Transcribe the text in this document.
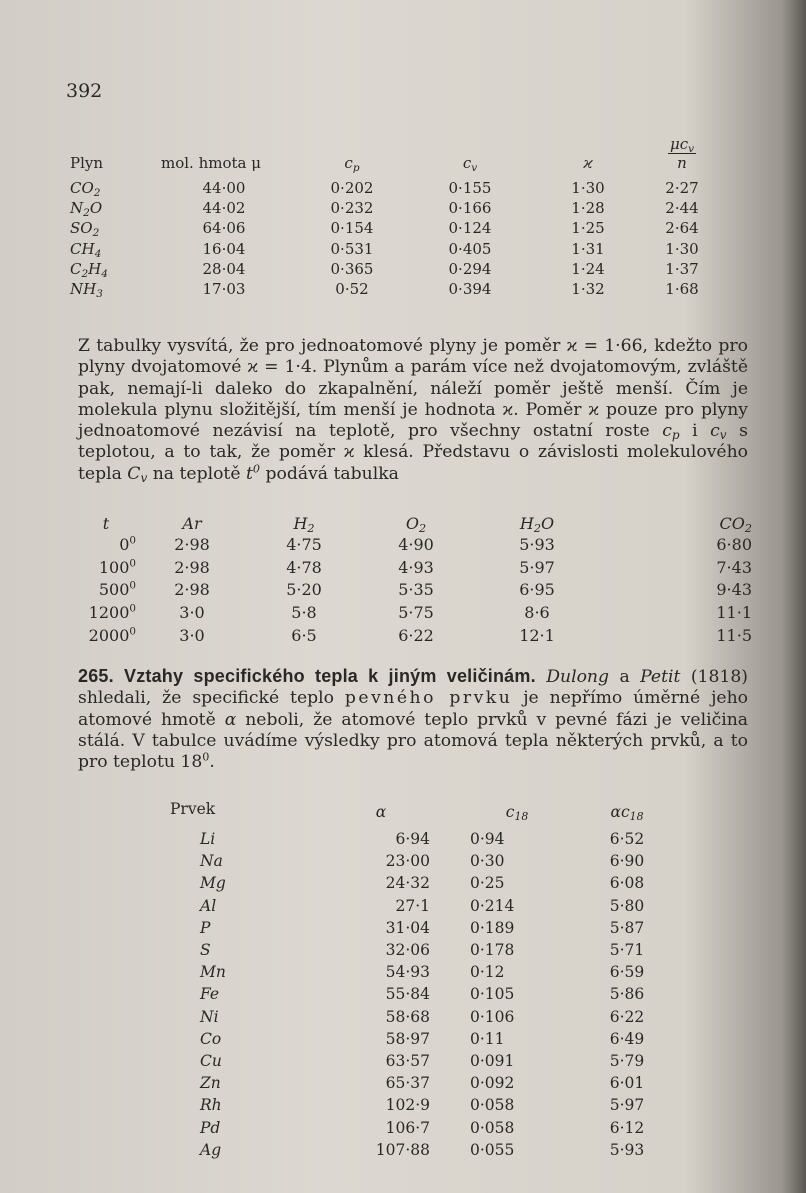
392
Plyn	mol. hmota μ	$c_p$	$c_v$	ϰ	$\frac{\mu c_v}{n}$

$CO_2$	44·00	0·202	0·155	1·30	2·27
$N_2O$	44·02	0·232	0·166	1·28	2·44
$SO_2$	64·06	0·154	0·124	1·25	2·64
$CH_4$	16·04	0·531	0·405	1·31	1·30
$C_2H_4$	28·04	0·365	0·294	1·24	1·37
$NH_3$	17·03	0·52	0·394	1·32	1·68
Z tabulky vysvítá, že pro jednoatomové plyny je poměr ϰ = 1·66, kdežto pro plyny dvojatomové ϰ = 1·4. Plynům a parám více než dvojatomovým, zvláště pak, nemají-li daleko do zkapalnění, náleží poměr ještě menší. Čím je molekula plynu složitější, tím menší je hodnota ϰ. Poměr ϰ pouze pro plyny jednoatomové nezávisí na teplotě, pro všechny ostatní roste $c_p$ i $c_v$ s teplotou, a to tak, že poměr ϰ klesá. Představu o závislosti molekulového tepla $C_v$ na teplotě $t^0$ podává tabulka
t	Ar	$H_2$	$O_2$	$H_2O$	$CO_2$
$0^0$	2·98	4·75	4·90	5·93	6·80
$100^0$	2·98	4·78	4·93	5·97	7·43
$500^0$	2·98	5·20	5·35	6·95	9·43
1200$^0$	3·0	5·8	5·75	8·6	11·1
2000$^0$	3·0	6·5	6·22	12·1	11·5
265. Vztahy specifického tepla k jiným veličinám. Dulong a Petit (1818) shledali, že specifické teplo pevného prvku je nepřímo úměrné jeho atomové hmotě α neboli, že atomové teplo prvků v pevné fázi je veličina stálá. V tabulce uvádíme výsledky pro atomová tepla některých prvků, a to pro teplotu $18^0$.
Prvek	α	$c_{18}$	$\alpha c_{18}$
Li	6·94	0·94	6·52
Na	23·00	0·30	6·90
Mg	24·32	0·25	6·08
Al	27·1	0·214	5·80
P	31·04	0·189	5·87
S	32·06	0·178	5·71
Mn	54·93	0·12	6·59
Fe	55·84	0·105	5·86
Ni	58·68	0·106	6·22
Co	58·97	0·11	6·49
Cu	63·57	0·091	5·79
Zn	65·37	0·092	6·01
Rh	102·9	0·058	5·97
Pd	106·7	0·058	6·12
Ag	107·88	0·055	5·93
